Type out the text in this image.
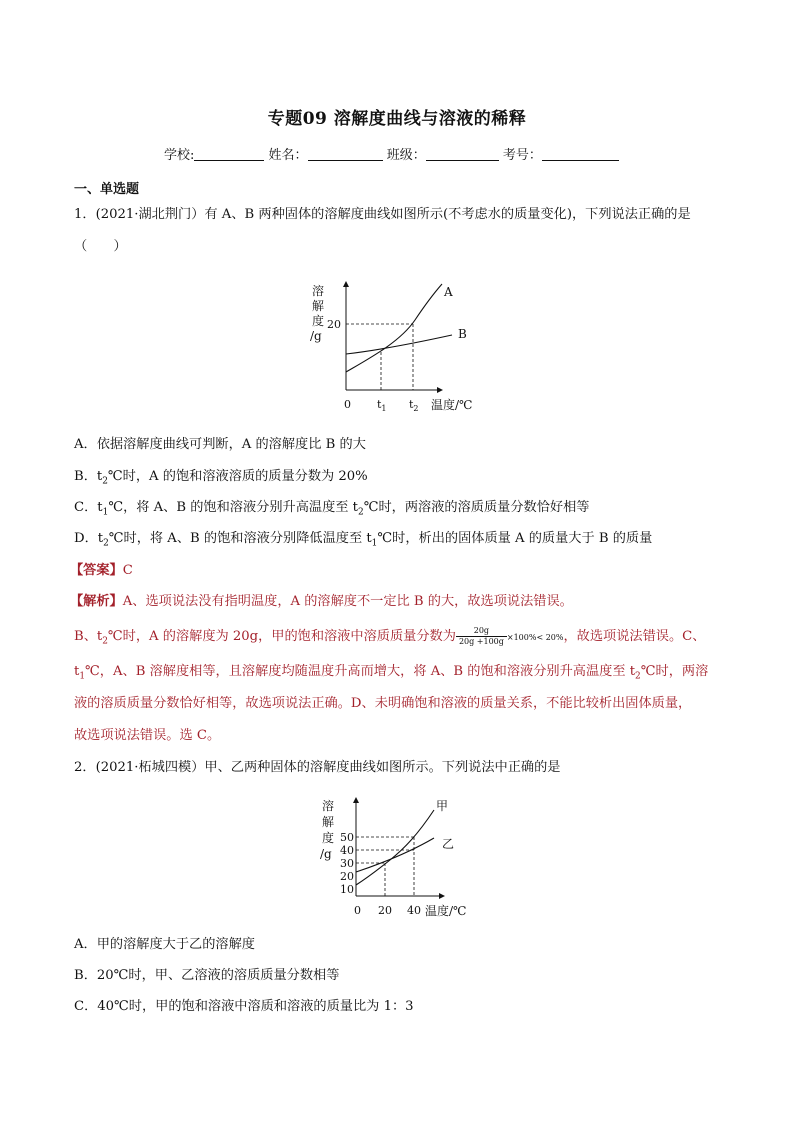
专题09 溶解度曲线与溶液的稀释
学校:	姓名：	班级：	考号：
一、单选题
1．(2021·湖北荆门）有 A、B 两种固体的溶解度曲线如图所示(不考虑水的质量变化)，下列说法正确的是
（　　）
溶
解
度
/g
A
B
20
0 $t_1$ $t_2$ 温度/℃
A．依据溶解度曲线可判断，A 的溶解度比 B 的大
B．$t_2℃$时，A 的饱和溶液溶质的质量分数为 20%
C．$t_1℃$，将 A、B 的饱和溶液分别升高温度至 $t_2℃$时，两溶液的溶质质量分数恰好相等
D．$t_2℃$时，将 A、B 的饱和溶液分别降低温度至 $t_1℃$时，析出的固体质量 A 的质量大于 B 的质量
【答案】C
【解析】A、选项说法没有指明温度，A 的溶解度不一定比 B 的大，故选项说法错误。
B、$t_2℃$时，A 的溶解度为 20g，甲的饱和溶液中溶质质量分数为 $\frac{20g}{20g +100g} \times 100\%< 20\%$，故选项说法错误。C、
$t_1℃$，A、B 溶解度相等，且溶解度均随温度升高而增大，将 A、B 的饱和溶液分别升高温度至 $t_2℃$时，两溶
液的溶质质量分数恰好相等，故选项说法正确。D、未明确饱和溶液的质量关系，不能比较析出固体质量，
故选项说法错误。选 C。
2．(2021·柘城四模）甲、乙两种固体的溶解度曲线如图所示。下列说法中正确的是
溶
解
度
/g
甲
乙
50
40
30
20
10
0 20 40 温度/℃
A．甲的溶解度大于乙的溶解度
B．20℃时，甲、乙溶液的溶质质量分数相等
C．40℃时，甲的饱和溶液中溶质和溶液的质量比为 1：3
